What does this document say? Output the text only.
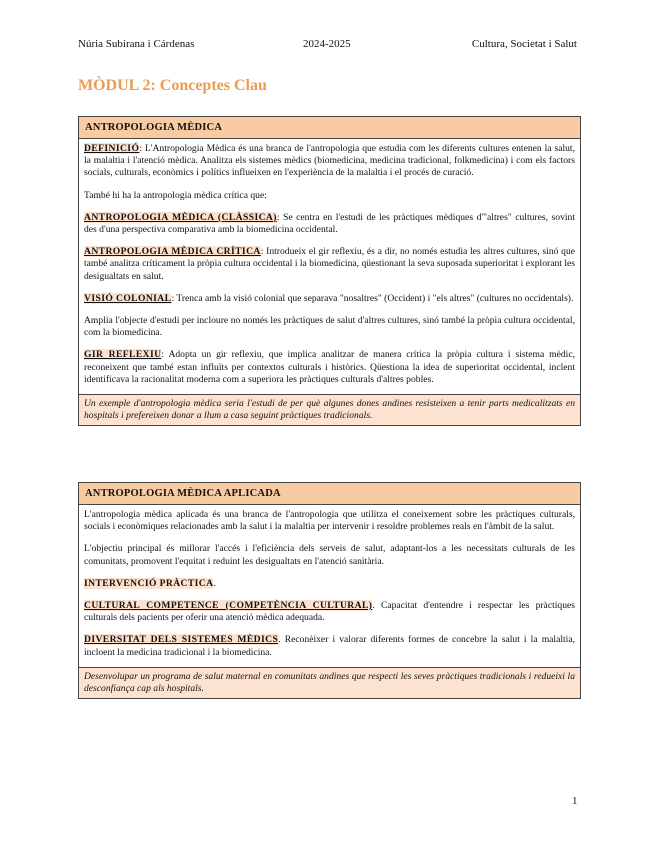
Núria Subirana i Cárdenas	2024-2025	Cultura, Societat i Salut
MÒDUL 2: Conceptes Clau
ANTROPOLOGIA MÈDICA

DEFINICIÓ: L'Antropologia Mèdica és una branca de l'antropologia que estudia com les diferents cultures entenen la salut, la malaltia i l'atenció mèdica. Analitza els sistemes mèdics (biomedicina, medicina tradicional, folkmedicina) i com els factors socials, culturals, econòmics i polítics influeixen en l'experiència de la malaltia i el procés de curació.

També hi ha la antropologia mèdica crítica que:

ANTROPOLOGIA MÈDICA (CLÀSSICA): Se centra en l'estudi de les pràctiques mèdiques d'"altres" cultures, sovint des d'una perspectiva comparativa amb la biomedicina occidental.

ANTROPOLOGIA MÈDICA CRÍTICA: Introdueix el gir reflexiu, és a dir, no només estudia les altres cultures, sinó que també analitza críticament la pròpia cultura occidental i la biomedicina, qüestionant la seva suposada superioritat i explorant les desigualtats en salut.

VISIÓ COLONIAL: Trenca amb la visió colonial que separava "nosaltres" (Occident) i "els altres" (cultures no occidentals).

Amplia l'objecte d'estudi per incloure no només les pràctiques de salut d'altres cultures, sinó també la pròpia cultura occidental, com la biomedicina.

GIR REFLEXIU: Adopta un gir reflexiu, que implica analitzar de manera crítica la pròpia cultura i sistema mèdic, reconeixent que també estan influïts per contextos culturals i històrics. Qüestiona la idea de superioritat occidental, inclent identificava la racionalitat moderna com a superiora les pràctiques culturals d'altres pobles.

Un exemple d'antropologia mèdica seria l'estudi de per què algunes dones andines resisteixen a tenir parts medicalitzats en hospitals i prefereixen donar a llum a casa seguint pràctiques tradicionals.
ANTROPOLOGIA MÈDICA APLICADA

L'antropologia mèdica aplicada és una branca de l'antropologia que utilitza el coneixement sobre les pràctiques culturals, socials i econòmiques relacionades amb la salut i la malaltia per intervenir i resoldre problemes reals en l'àmbit de la salut.

L'objectiu principal és millorar l'accés i l'eficiència dels serveis de salut, adaptant-los a les necessitats culturals de les comunitats, promovent l'equitat i reduint les desigualtats en l'atenció sanitària.

INTERVENCIÓ PRÀCTICA.

CULTURAL COMPETENCE (COMPETÈNCIA CULTURAL). Capacitat d'entendre i respectar les pràctiques culturals dels pacients per oferir una atenció mèdica adequada.

DIVERSITAT DELS SISTEMES MÈDICS. Reconèixer i valorar diferents formes de concebre la salut i la malaltia, incloent la medicina tradicional i la biomedicina.

Desenvolupar un programa de salut maternal en comunitats andines que respecti les seves pràctiques tradicionals i redueixi la desconfiança cap als hospitals.
1
